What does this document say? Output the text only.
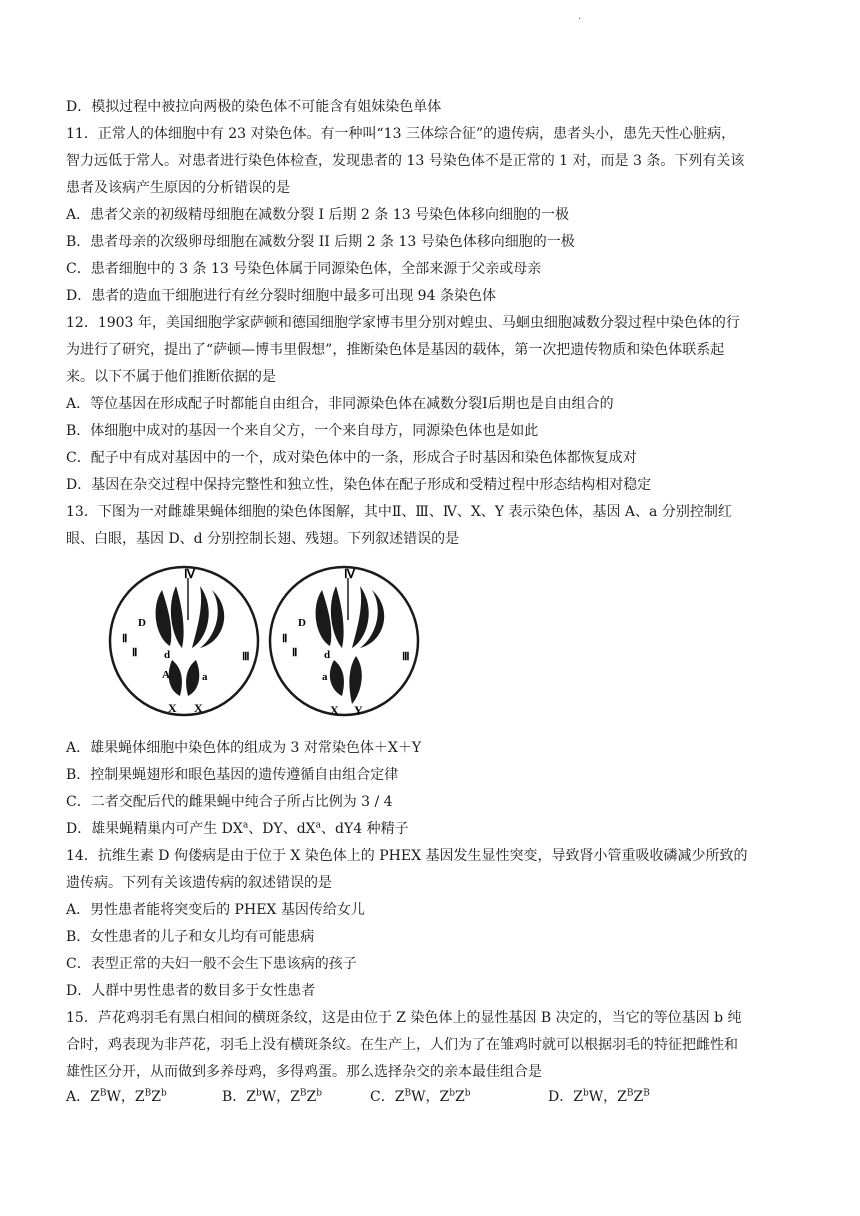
·
D．模拟过程中被拉向两极的染色体不可能含有姐妹染色单体
11．正常人的体细胞中有 23 对染色体。有一种叫“13 三体综合征”的遗传病，患者头小，患先天性心脏病，
智力远低于常人。对患者进行染色体检查，发现患者的 13 号染色体不是正常的 1 对，而是 3 条。下列有关该
患者及该病产生原因的分析错误的是
A．患者父亲的初级精母细胞在减数分裂 I 后期 2 条 13 号染色体移向细胞的一极
B．患者母亲的次级卵母细胞在减数分裂 II 后期 2 条 13 号染色体移向细胞的一极
C．患者细胞中的 3 条 13 号染色体属于同源染色体，全部来源于父亲或母亲
D．患者的造血干细胞进行有丝分裂时细胞中最多可出现 94 条染色体
12．1903 年，美国细胞学家萨顿和德国细胞学家博韦里分别对蝗虫、马蛔虫细胞减数分裂过程中染色体的行
为进行了研究，提出了“萨顿—博韦里假想”，推断染色体是基因的载体，第一次把遗传物质和染色体联系起
来。以下不属于他们推断依据的是
A．等位基因在形成配子时都能自由组合，非同源染色体在减数分裂Ⅰ后期也是自由组合的
B．体细胞中成对的基因一个来自父方，一个来自母方，同源染色体也是如此
C．配子中有成对基因中的一个，成对染色体中的一条，形成合子时基因和染色体都恢复成对
D．基因在杂交过程中保持完整性和独立性，染色体在配子形成和受精过程中形态结构相对稳定
13．下图为一对雌雄果蝇体细胞的染色体图解，其中Ⅱ、Ⅲ、Ⅳ、X、Y 表示染色体，基因 A、a 分别控制红
眼、白眼，基因 D、d 分别控制长翅、残翅。下列叙述错误的是
Ⅳ
Ⅱ
Ⅱ	Ⅲ
D
d
A	a
X X
Ⅳ
Ⅱ
Ⅱ	Ⅲ
D
d
a
X Y
A．雄果蝇体细胞中染色体的组成为 3 对常染色体＋X＋Y
B．控制果蝇翅形和眼色基因的遗传遵循自由组合定律
C．二者交配后代的雌果蝇中纯合子所占比例为 3 / 4
D．雄果蝇精巢内可产生 $DX^a$、DY、$dX^a$、dY4 种精子
14．抗维生素 D 佝偻病是由于位于 X 染色体上的 PHEX 基因发生显性突变，导致肾小管重吸收磷减少所致的
遗传病。下列有关该遗传病的叙述错误的是
A．男性患者能将突变后的 PHEX 基因传给女儿
B．女性患者的儿子和女儿均有可能患病
C．表型正常的夫妇一般不会生下患该病的孩子
D．人群中男性患者的数目多于女性患者
15．芦花鸡羽毛有黑白相间的横斑条纹，这是由位于 Z 染色体上的显性基因 B 决定的，当它的等位基因 b 纯
合时，鸡表现为非芦花，羽毛上没有横斑条纹。在生产上，人们为了在雏鸡时就可以根据羽毛的特征把雌性和
雄性区分开，从而做到多养母鸡，多得鸡蛋。那么选择杂交的亲本最佳组合是
A．$Z^BW$，$Z^BZ^b$	B．$Z^bW$，$Z^BZ^b$	C．$Z^BW$，$Z^bZ^b$	D．$Z^bW$，$Z^BZ^B$
